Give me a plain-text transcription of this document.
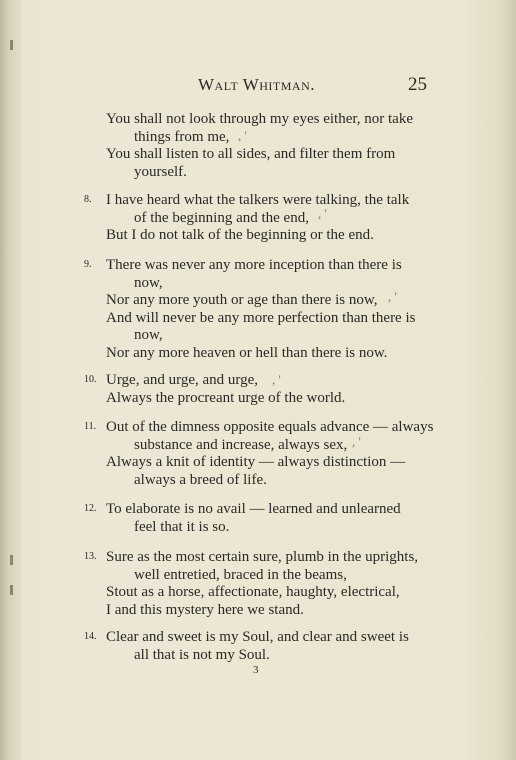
Walt Whitman.	25
You shall not look through my eyes either, nor take
things from me,
You shall listen to all sides, and filter them from
yourself.
8. I have heard what the talkers were talking, the talk
of the beginning and the end,
But I do not talk of the beginning or the end.
9. There was never any more inception than there is
now,
Nor any more youth or age than there is now,
And will never be any more perfection than there is
now,
Nor any more heaven or hell than there is now.
10. Urge, and urge, and urge,
Always the procreant urge of the world.
11. Out of the dimness opposite equals advance — always
substance and increase, always sex,
Always a knit of identity — always distinction —
always a breed of life.
12. To elaborate is no avail — learned and unlearned
feel that it is so.
13. Sure as the most certain sure, plumb in the uprights,
well entretied, braced in the beams,
Stout as a horse, affectionate, haughty, electrical,
I and this mystery here we stand.
14. Clear and sweet is my Soul, and clear and sweet is
all that is not my Soul.
3
, '
, '
, '
, '
, '
